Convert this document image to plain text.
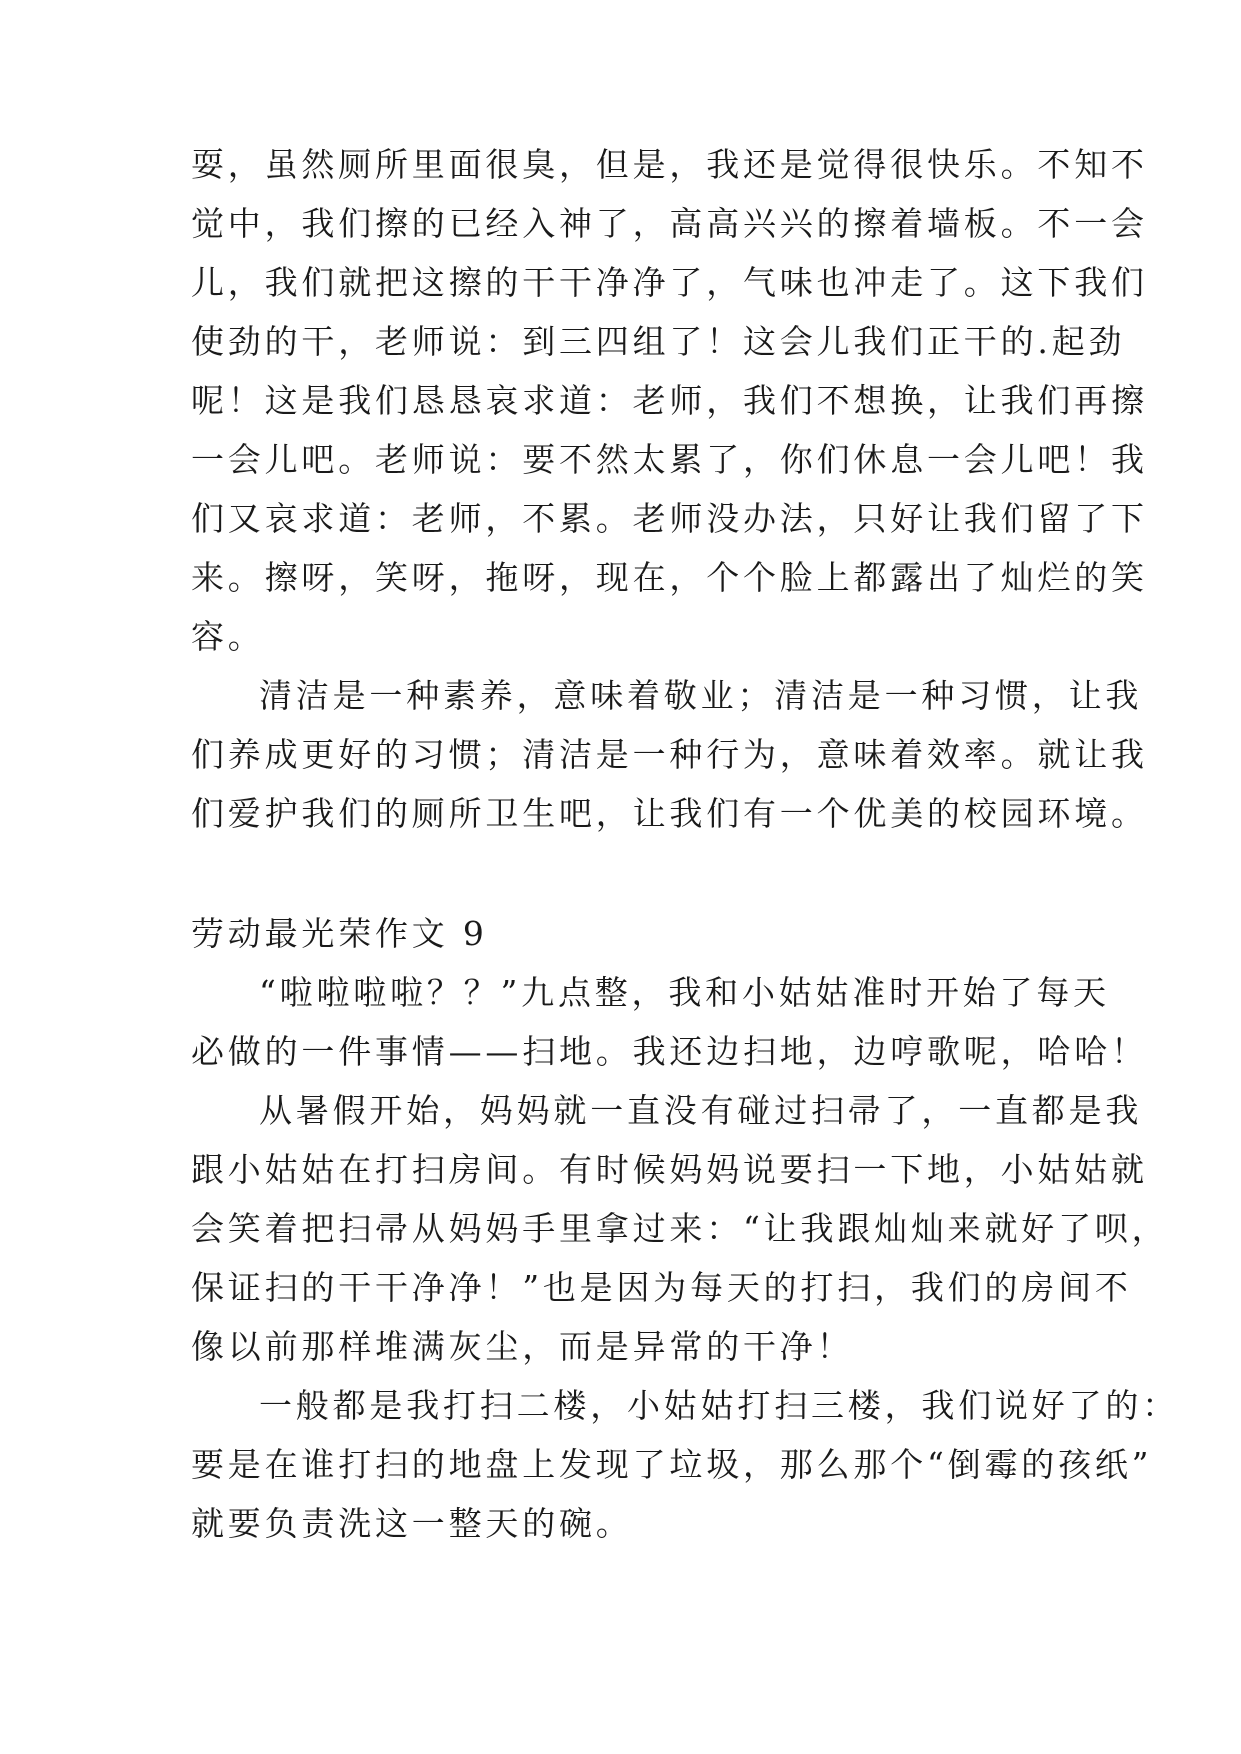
耍，虽然厕所里面很臭，但是，我还是觉得很快乐。不知不
觉中，我们擦的已经入神了，高高兴兴的擦着墙板。不一会
儿，我们就把这擦的干干净净了，气味也冲走了。这下我们
使劲的干，老师说：到三四组了！这会儿我们正干的.起劲
呢！这是我们恳恳哀求道：老师，我们不想换，让我们再擦
一会儿吧。老师说：要不然太累了，你们休息一会儿吧！我
们又哀求道：老师，不累。老师没办法，只好让我们留了下
来。擦呀，笑呀，拖呀，现在，个个脸上都露出了灿烂的笑
容。
清洁是一种素养，意味着敬业；清洁是一种习惯，让我
们养成更好的习惯；清洁是一种行为，意味着效率。就让我
们爱护我们的厕所卫生吧，让我们有一个优美的校园环境。
劳动最光荣作文 9
“啦啦啦啦？？”九点整，我和小姑姑准时开始了每天
必做的一件事情——扫地。我还边扫地，边哼歌呢，哈哈！
从暑假开始，妈妈就一直没有碰过扫帚了，一直都是我
跟小姑姑在打扫房间。有时候妈妈说要扫一下地，小姑姑就
会笑着把扫帚从妈妈手里拿过来：“让我跟灿灿来就好了呗，
保证扫的干干净净！”也是因为每天的打扫，我们的房间不
像以前那样堆满灰尘，而是异常的干净！
一般都是我打扫二楼，小姑姑打扫三楼，我们说好了的：
要是在谁打扫的地盘上发现了垃圾，那么那个“倒霉的孩纸”
就要负责洗这一整天的碗。
